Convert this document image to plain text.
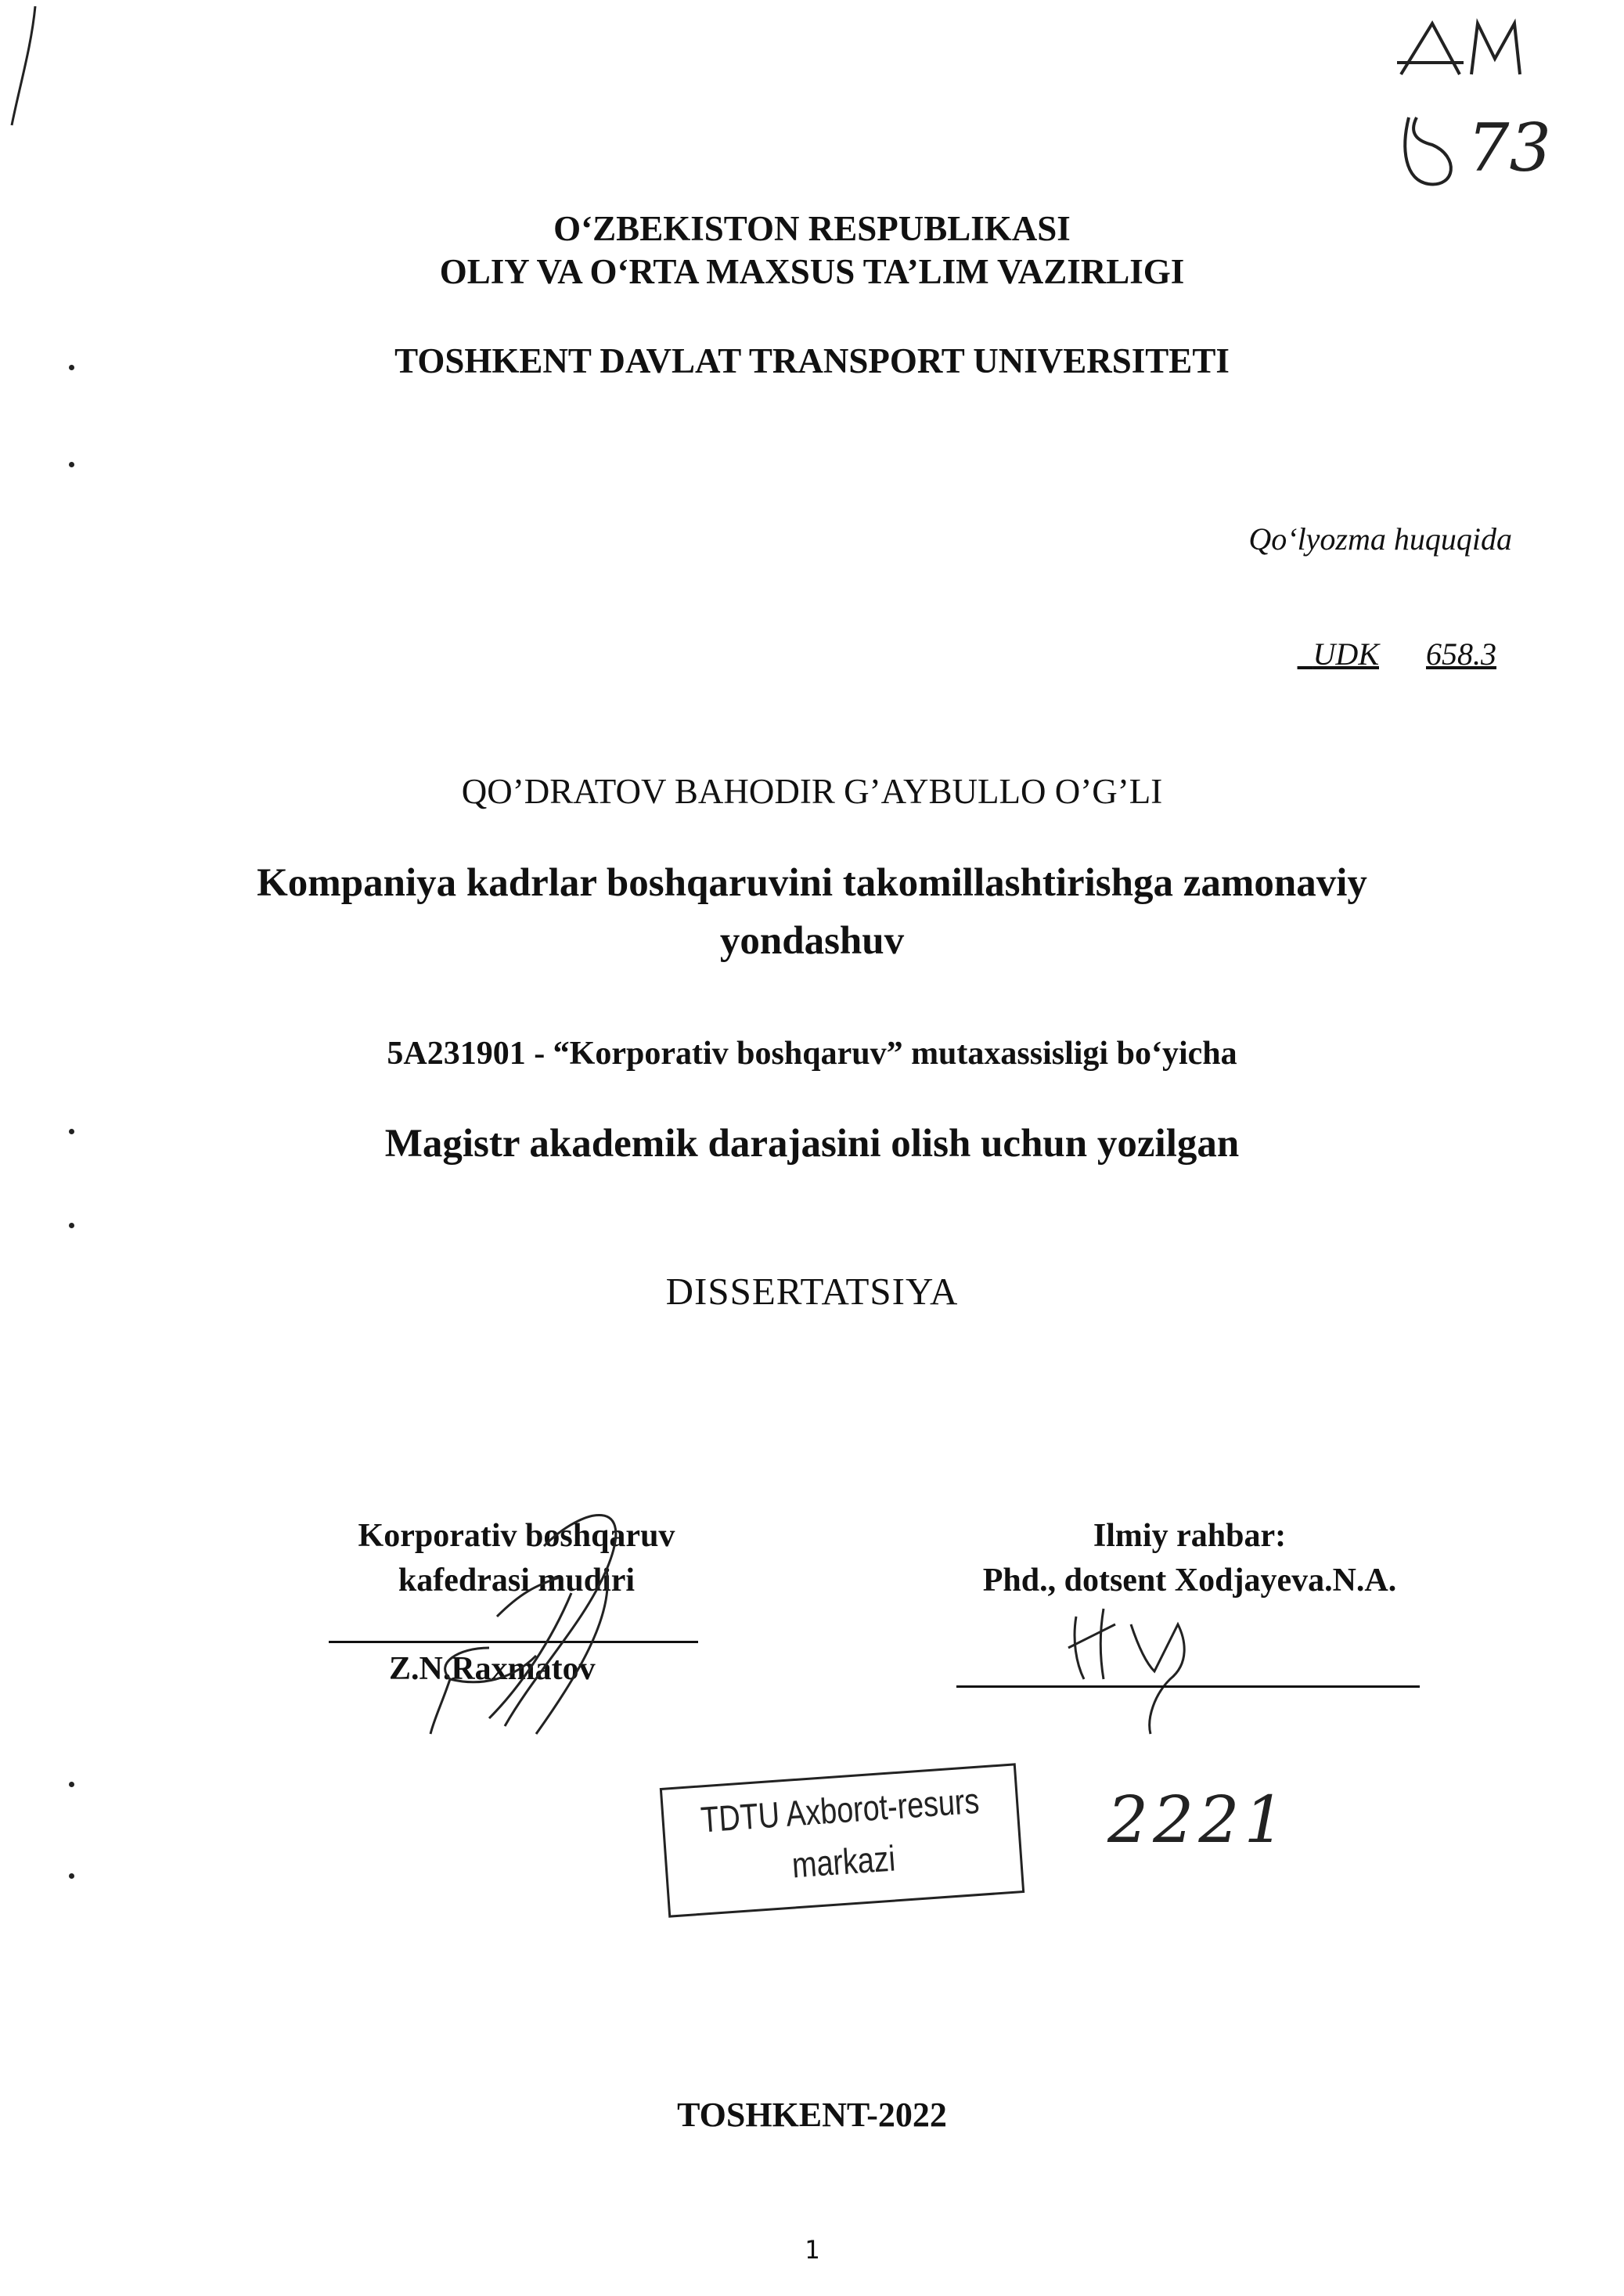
73
O‘ZBEKISTON RESPUBLIKASI
OLIY VA O‘RTA MAXSUS TA’LIM VAZIRLIGI
TOSHKENT DAVLAT TRANSPORT UNIVERSITETI
Qo‘lyozma huquqida

UDK 658.3

QO’DRATOV BAHODIR G’AYBULLO O’G’LI
Kompaniya kadrlar boshqaruvini takomillashtirishga zamonaviy
yondashuv
5A231901 - “Korporativ boshqaruv” mutaxassisligi bo‘yicha
Magistr akademik darajasini olish uchun yozilgan
DISSERTATSIYA
Korporativ boshqaruv
kafedrasi mudiri
Z.N.Raxmatov
Ilmiy rahbar:
Phd., dotsent Xodjayeva.N.A.
TDTU Axborot-resurs
markazi
2221
TOSHKENT-2022
1
